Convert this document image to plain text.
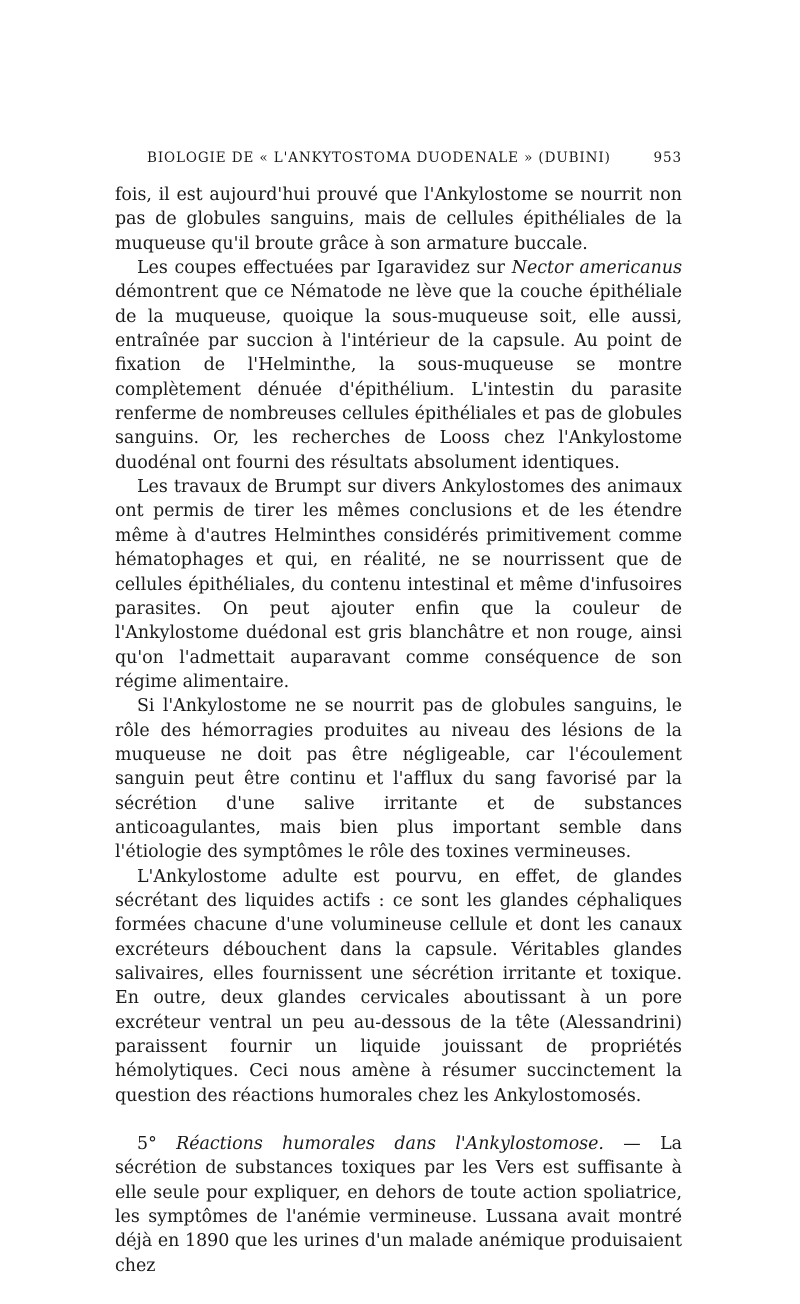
BIOLOGIE DE « L'ANKYTOSTOMA DUODENALE » (DUBINI)	953

fois, il est aujourd'hui prouvé que l'Ankylostome se nourrit non pas de globules sanguins, mais de cellules épithéliales de la muqueuse qu'il broute grâce à son armature buccale.

Les coupes effectuées par Igaravidez sur Nector americanus démontrent que ce Nématode ne lève que la couche épithéliale de la muqueuse, quoique la sous-muqueuse soit, elle aussi, entraînée par succion à l'intérieur de la capsule. Au point de fixation de l'Helminthe, la sous-muqueuse se montre complètement dénuée d'épithélium. L'intestin du parasite renferme de nombreuses cellules épithéliales et pas de globules sanguins. Or, les recherches de Looss chez l'Ankylostome duodénal ont fourni des résultats absolument identiques.

Les travaux de Brumpt sur divers Ankylostomes des animaux ont permis de tirer les mêmes conclusions et de les étendre même à d'autres Helminthes considérés primitivement comme hématophages et qui, en réalité, ne se nourrissent que de cellules épithéliales, du contenu intestinal et même d'infusoires parasites. On peut ajouter enfin que la couleur de l'Ankylostome duédonal est gris blanchâtre et non rouge, ainsi qu'on l'admettait auparavant comme conséquence de son régime alimentaire.

Si l'Ankylostome ne se nourrit pas de globules sanguins, le rôle des hémorragies produites au niveau des lésions de la muqueuse ne doit pas être négligeable, car l'écoulement sanguin peut être continu et l'afflux du sang favorisé par la sécrétion d'une salive irritante et de substances anticoagulantes, mais bien plus important semble dans l'étiologie des symptômes le rôle des toxines vermineuses.

L'Ankylostome adulte est pourvu, en effet, de glandes sécrétant des liquides actifs : ce sont les glandes céphaliques formées chacune d'une volumineuse cellule et dont les canaux excréteurs débouchent dans la capsule. Véritables glandes salivaires, elles fournissent une sécrétion irritante et toxique. En outre, deux glandes cervicales aboutissant à un pore excréteur ventral un peu au-dessous de la tête (Alessandrini) paraissent fournir un liquide jouissant de propriétés hémolytiques. Ceci nous amène à résumer succinctement la question des réactions humorales chez les Ankylostomosés.

5° Réactions humorales dans l'Ankylostomose. — La sécrétion de substances toxiques par les Vers est suffisante à elle seule pour expliquer, en dehors de toute action spoliatrice, les symptômes de l'anémie vermineuse. Lussana avait montré déjà en 1890 que les urines d'un malade anémique produisaient chez
